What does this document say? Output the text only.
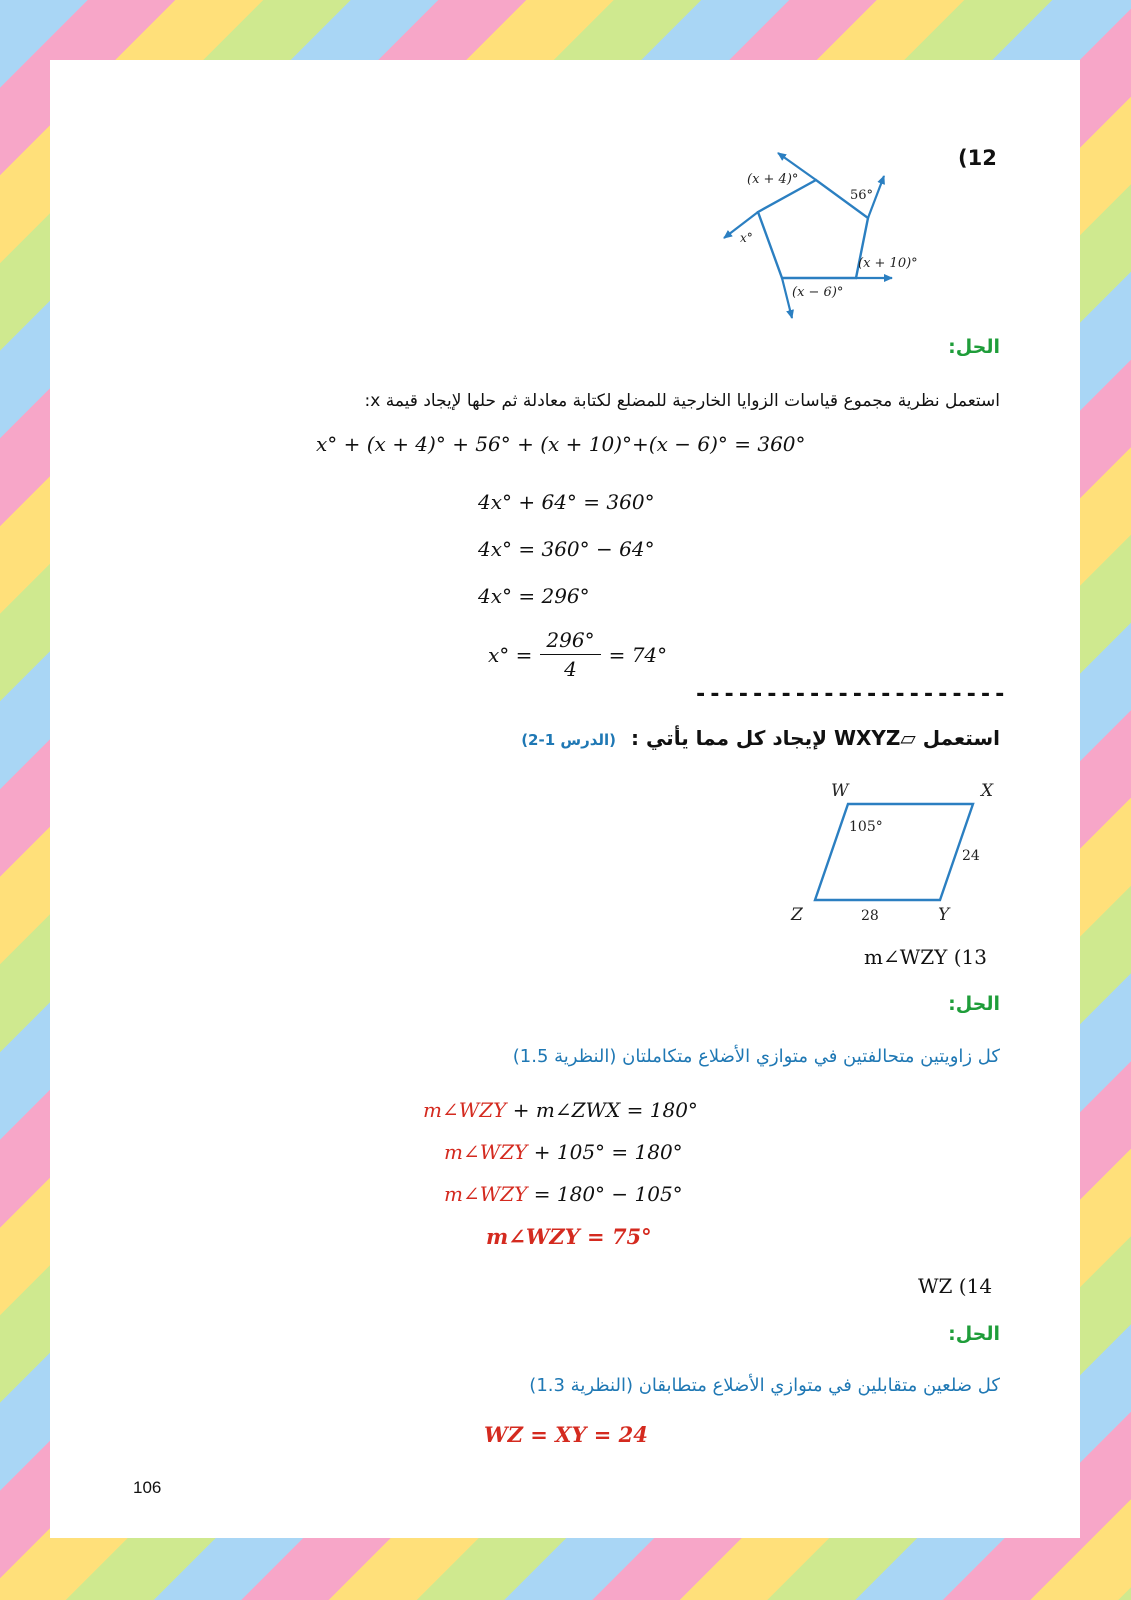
(12
(x + 4)°
56°
x°
(x + 10)°
(x − 6)°
الحل:
استعمل نظرية مجموع قياسات الزوايا الخارجية للمضلع لكتابة معادلة ثم حلها لإيجاد قيمة x:
x° + (x + 4)° + 56° + (x + 10)°+(x − 6)° = 360°
4x° + 64° = 360°
4x° = 360° − 64°
4x° = 296°
$x^\circ = \frac{296^\circ}{4} = 74^\circ$
----------------------
استعمل ▱WXYZ لإيجاد كل مما يأتي : (الدرس 1-2)
W	X
Y
Z
105°
24
28
m∠WZY (13
الحل:
كل زاويتين متحالفتين في متوازي الأضلاع متكاملتان (النظرية 1.5)
m∠WZY + m∠ZWX = 180°
m∠WZY + 105° = 180°
m∠WZY = 180° − 105°
m∠WZY = 75°
WZ (14
الحل:
كل ضلعين متقابلين في متوازي الأضلاع متطابقان (النظرية 1.3)
WZ = XY = 24
106
